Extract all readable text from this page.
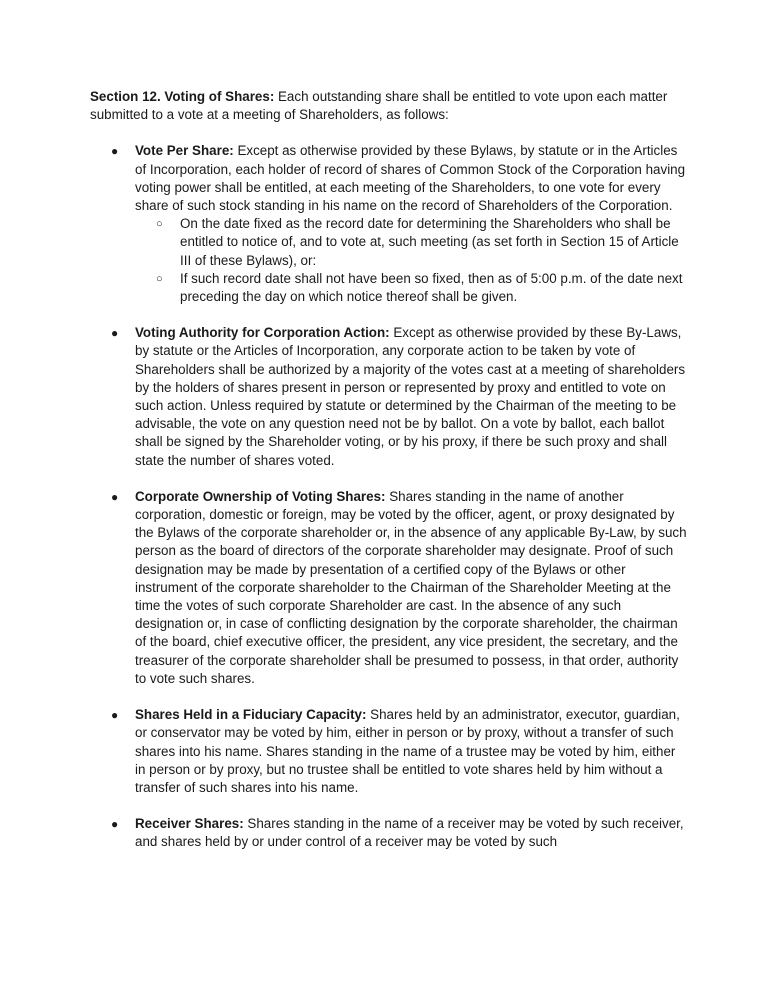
Section 12. Voting of Shares: Each outstanding share shall be entitled to vote upon each matter submitted to a vote at a meeting of Shareholders, as follows:

● Vote Per Share: Except as otherwise provided by these Bylaws, by statute or in the Articles of Incorporation, each holder of record of shares of Common Stock of the Corporation having voting power shall be entitled, at each meeting of the Shareholders, to one vote for every share of such stock standing in his name on the record of Shareholders of the Corporation.
○ On the date fixed as the record date for determining the Shareholders who shall be entitled to notice of, and to vote at, such meeting (as set forth in Section 15 of Article III of these Bylaws), or:
○ If such record date shall not have been so fixed, then as of 5:00 p.m. of the date next preceding the day on which notice thereof shall be given.
● Voting Authority for Corporation Action: Except as otherwise provided by these By-Laws, by statute or the Articles of Incorporation, any corporate action to be taken by vote of Shareholders shall be authorized by a majority of the votes cast at a meeting of shareholders by the holders of shares present in person or represented by proxy and entitled to vote on such action. Unless required by statute or determined by the Chairman of the meeting to be advisable, the vote on any question need not be by ballot. On a vote by ballot, each ballot shall be signed by the Shareholder voting, or by his proxy, if there be such proxy and shall state the number of shares voted.
● Corporate Ownership of Voting Shares: Shares standing in the name of another corporation, domestic or foreign, may be voted by the officer, agent, or proxy designated by the Bylaws of the corporate shareholder or, in the absence of any applicable By-Law, by such person as the board of directors of the corporate shareholder may designate. Proof of such designation may be made by presentation of a certified copy of the Bylaws or other instrument of the corporate shareholder to the Chairman of the Shareholder Meeting at the time the votes of such corporate Shareholder are cast. In the absence of any such designation or, in case of conflicting designation by the corporate shareholder, the chairman of the board, chief executive officer, the president, any vice president, the secretary, and the treasurer of the corporate shareholder shall be presumed to possess, in that order, authority to vote such shares.
● Shares Held in a Fiduciary Capacity: Shares held by an administrator, executor, guardian, or conservator may be voted by him, either in person or by proxy, without a transfer of such shares into his name. Shares standing in the name of a trustee may be voted by him, either in person or by proxy, but no trustee shall be entitled to vote shares held by him without a transfer of such shares into his name.
● Receiver Shares: Shares standing in the name of a receiver may be voted by such receiver, and shares held by or under control of a receiver may be voted by such
